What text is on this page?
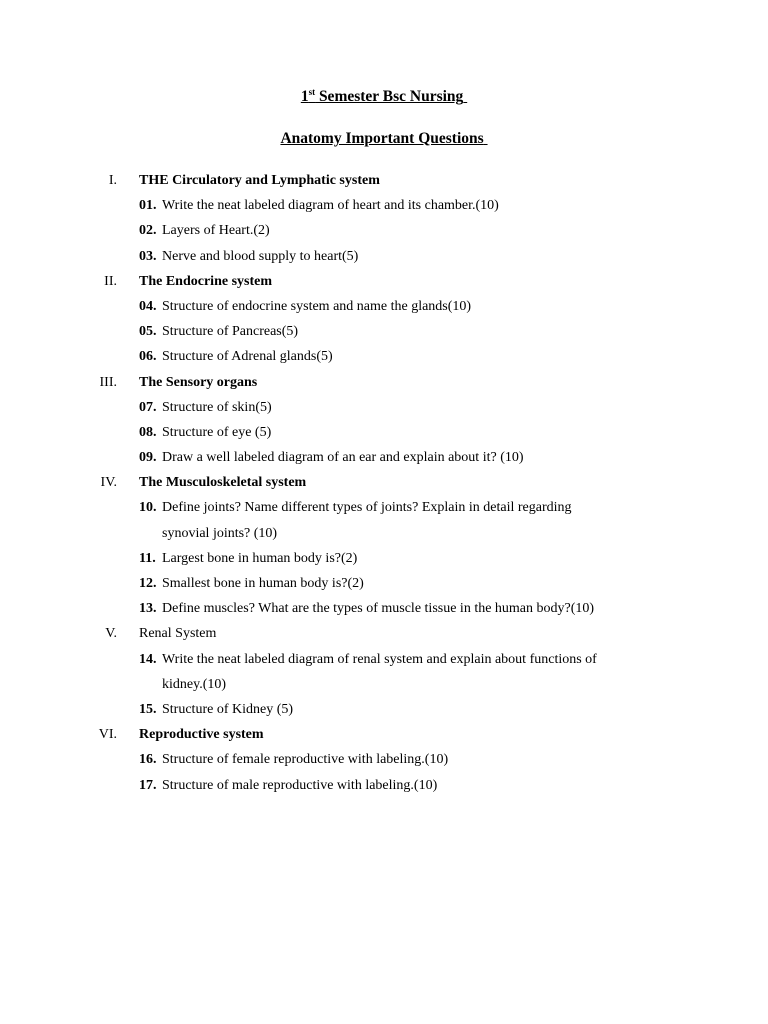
1st Semester Bsc Nursing
Anatomy Important Questions
I. THE Circulatory and Lymphatic system
01. Write the neat labeled diagram of heart and its chamber.(10)
02. Layers of Heart.(2)
03. Nerve and blood supply to heart(5)
II. The Endocrine system
04. Structure of endocrine system and name the glands(10)
05. Structure of Pancreas(5)
06. Structure of Adrenal glands(5)
III. The Sensory organs
07. Structure of skin(5)
08. Structure of eye (5)
09. Draw a well labeled diagram of an ear and explain about it? (10)
IV. The Musculoskeletal system
10. Define joints? Name different types of joints? Explain in detail regarding
synovial joints? (10)
11. Largest bone in human body is?(2)
12. Smallest bone in human body is?(2)
13. Define muscles? What are the types of muscle tissue in the human body?(10)
V. Renal System
14. Write the neat labeled diagram of renal system and explain about functions of
kidney.(10)
15. Structure of Kidney (5)
VI. Reproductive system
16. Structure of female reproductive with labeling.(10)
17. Structure of male reproductive with labeling.(10)
